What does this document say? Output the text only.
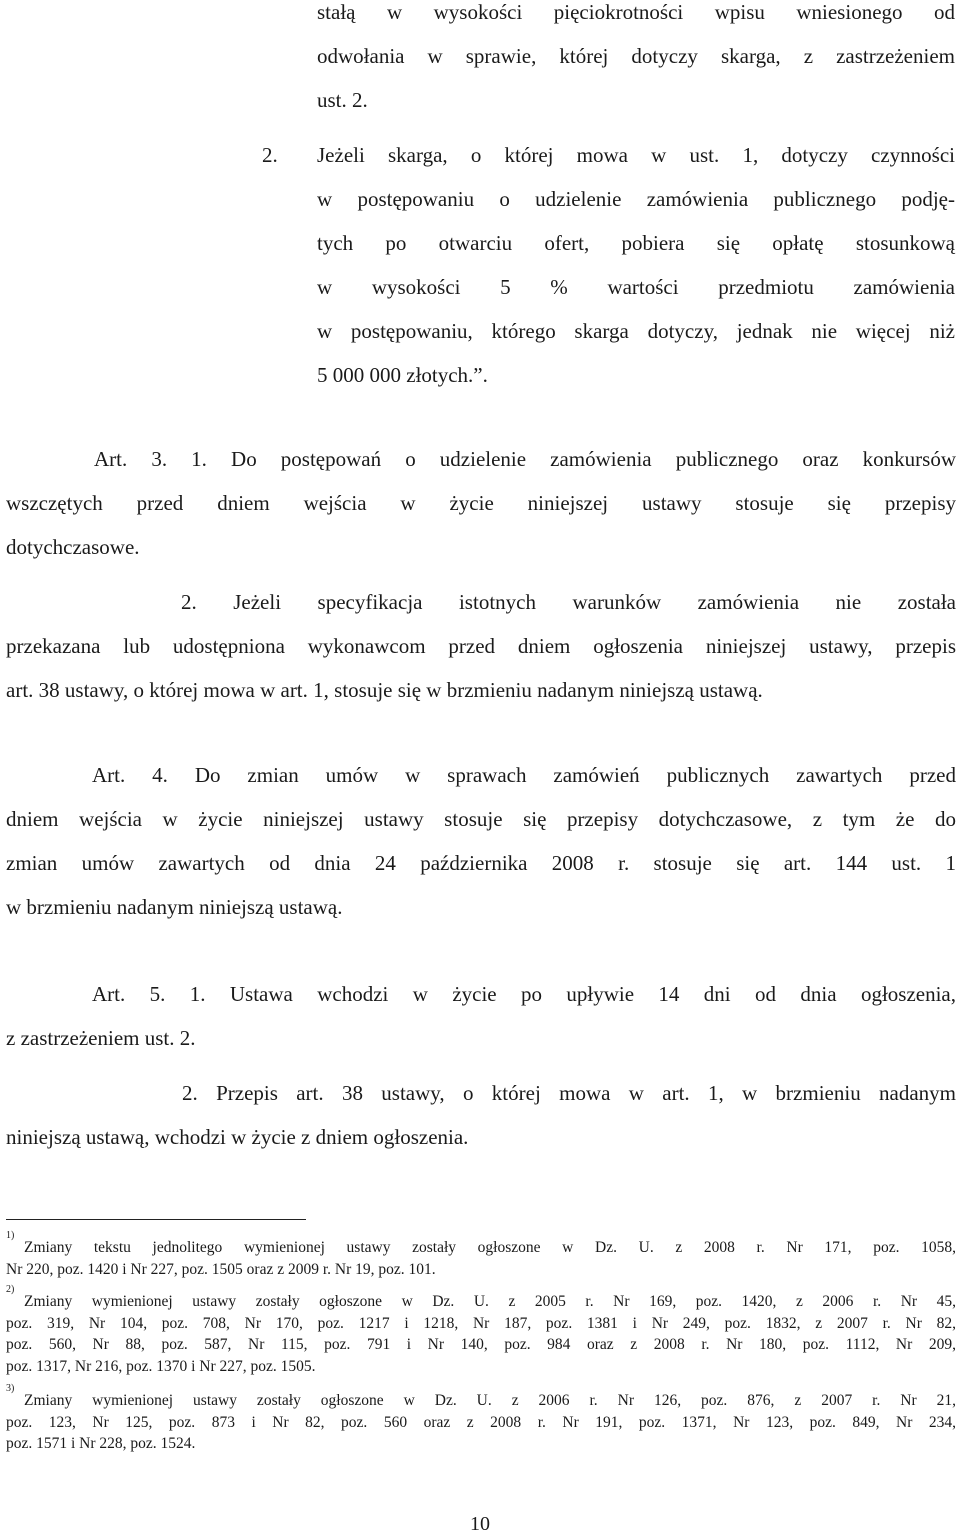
stałą w wysokości pięciokrotności wpisu wniesionego od
odwołania w sprawie, której dotyczy skarga, z zastrzeżeniem
ust. 2.
2.	Jeżeli skarga, o której mowa w ust. 1, dotyczy czynności
w postępowaniu o udzielenie zamówienia publicznego podję-
tych po otwarciu ofert, pobiera się opłatę stosunkową
w wysokości 5 % wartości przedmiotu zamówienia
w postępowaniu, którego skarga dotyczy, jednak nie więcej niż
5 000 000 złotych.”.
Art. 3. 1. Do postępowań o udzielenie zamówienia publicznego oraz konkursów
wszczętych przed dniem wejścia w życie niniejszej ustawy stosuje się przepisy
dotychczasowe.
2. Jeżeli specyfikacja istotnych warunków zamówienia nie została
przekazana lub udostępniona wykonawcom przed dniem ogłoszenia niniejszej ustawy, przepis
art. 38 ustawy, o której mowa w art. 1, stosuje się w brzmieniu nadanym niniejszą ustawą.
Art. 4. Do zmian umów w sprawach zamówień publicznych zawartych przed
dniem wejścia w życie niniejszej ustawy stosuje się przepisy dotychczasowe, z tym że do
zmian umów zawartych od dnia 24 października 2008 r. stosuje się art. 144 ust. 1
w brzmieniu nadanym niniejszą ustawą.
Art. 5. 1. Ustawa wchodzi w życie po upływie 14 dni od dnia ogłoszenia,
z zastrzeżeniem ust. 2.
2. Przepis art. 38 ustawy, o której mowa w art. 1, w brzmieniu nadanym
niniejszą ustawą, wchodzi w życie z dniem ogłoszenia.
1)
Zmiany tekstu jednolitego wymienionej ustawy zostały ogłoszone w Dz. U. z 2008 r. Nr 171, poz. 1058,
Nr 220, poz. 1420 i Nr 227, poz. 1505 oraz z 2009 r. Nr 19, poz. 101.
2)
Zmiany wymienionej ustawy zostały ogłoszone w Dz. U. z 2005 r. Nr 169, poz. 1420, z 2006 r. Nr 45,
poz. 319, Nr 104, poz. 708, Nr 170, poz. 1217 i 1218, Nr 187, poz. 1381 i Nr 249, poz. 1832, z 2007 r. Nr 82,
poz. 560, Nr 88, poz. 587, Nr 115, poz. 791 i Nr 140, poz. 984 oraz z 2008 r. Nr 180, poz. 1112, Nr 209,
poz. 1317, Nr 216, poz. 1370 i Nr 227, poz. 1505.
3)
Zmiany wymienionej ustawy zostały ogłoszone w Dz. U. z 2006 r. Nr 126, poz. 876, z 2007 r. Nr 21,
poz. 123, Nr 125, poz. 873 i Nr 82, poz. 560 oraz z 2008 r. Nr 191, poz. 1371, Nr 123, poz. 849, Nr 234,
poz. 1571 i Nr 228, poz. 1524.
10
